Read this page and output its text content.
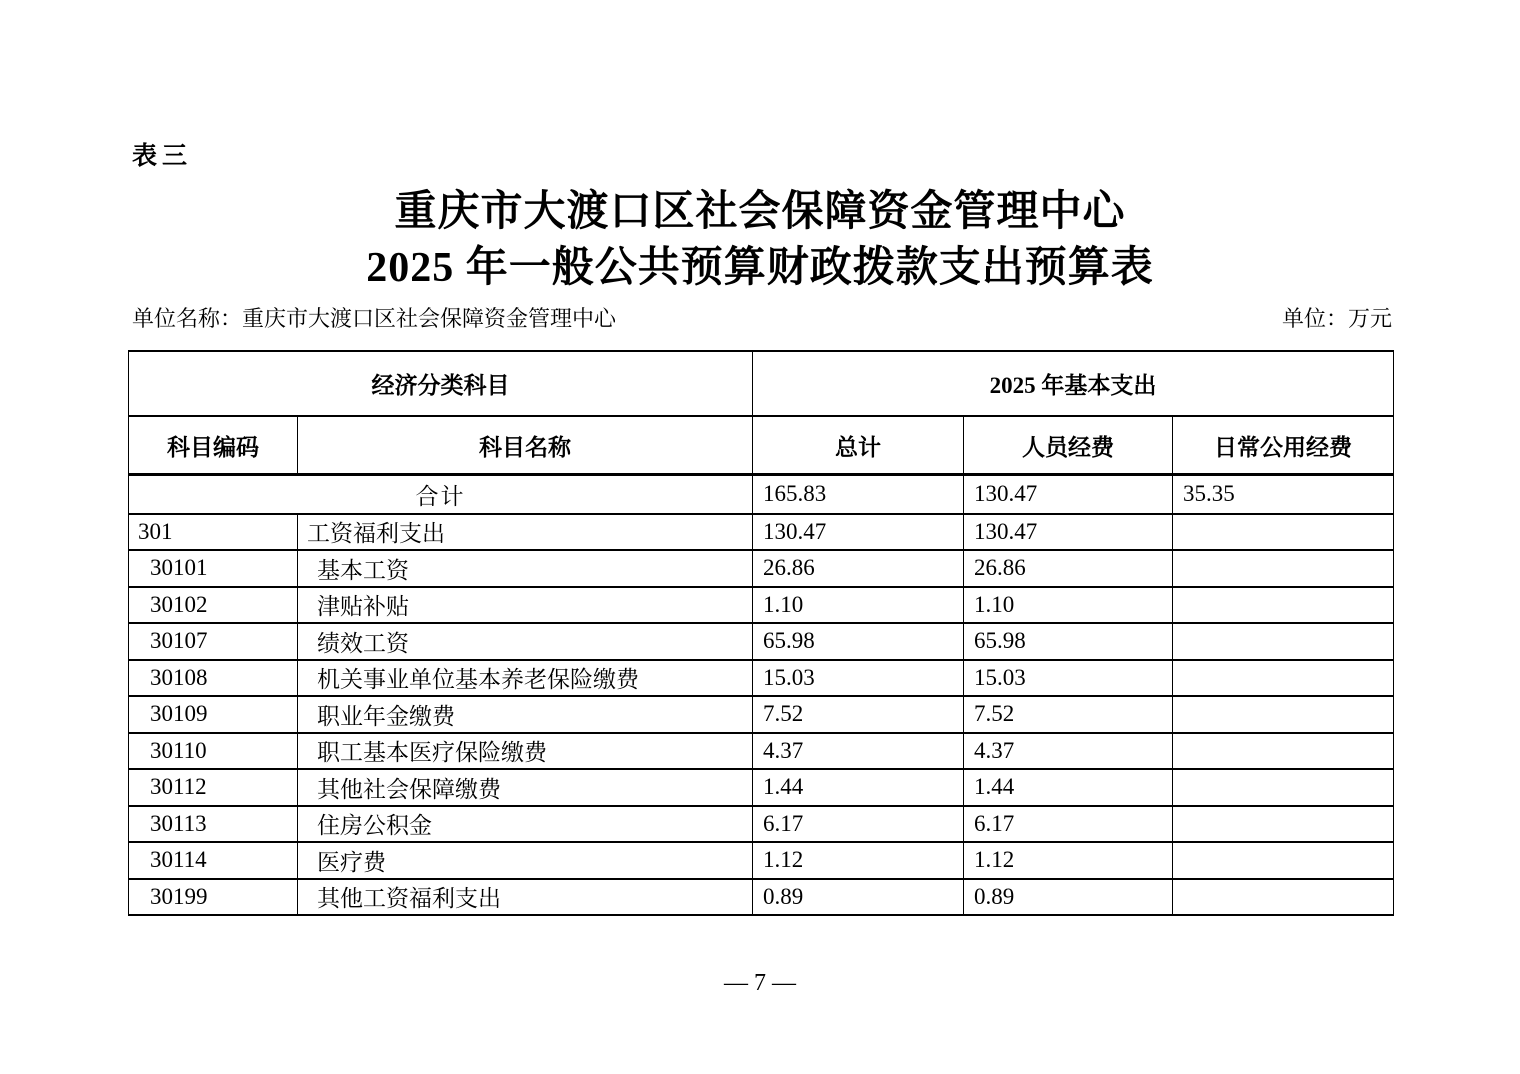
表三
重庆市大渡口区社会保障资金管理中心
2025 年一般公共预算财政拨款支出预算表
单位名称：重庆市大渡口区社会保障资金管理中心	单位：万元
经济分类科目		2025 年基本支出		
科目编码	科目名称	总计	人员经费	日常公用经费
合计		165.83	130.47	35.35
301	工资福利支出	130.47	130.47	
30101	基本工资	26.86	26.86	
30102	津贴补贴	1.10	1.10	
30107	绩效工资	65.98	65.98	
30108	机关事业单位基本养老保险缴费	15.03	15.03	
30109	职业年金缴费	7.52	7.52	
30110	职工基本医疗保险缴费	4.37	4.37	
30112	其他社会保障缴费	1.44	1.44	
30113	住房公积金	6.17	6.17	
30114	医疗费	1.12	1.12	
30199	其他工资福利支出	0.89	0.89	
— 7 —
